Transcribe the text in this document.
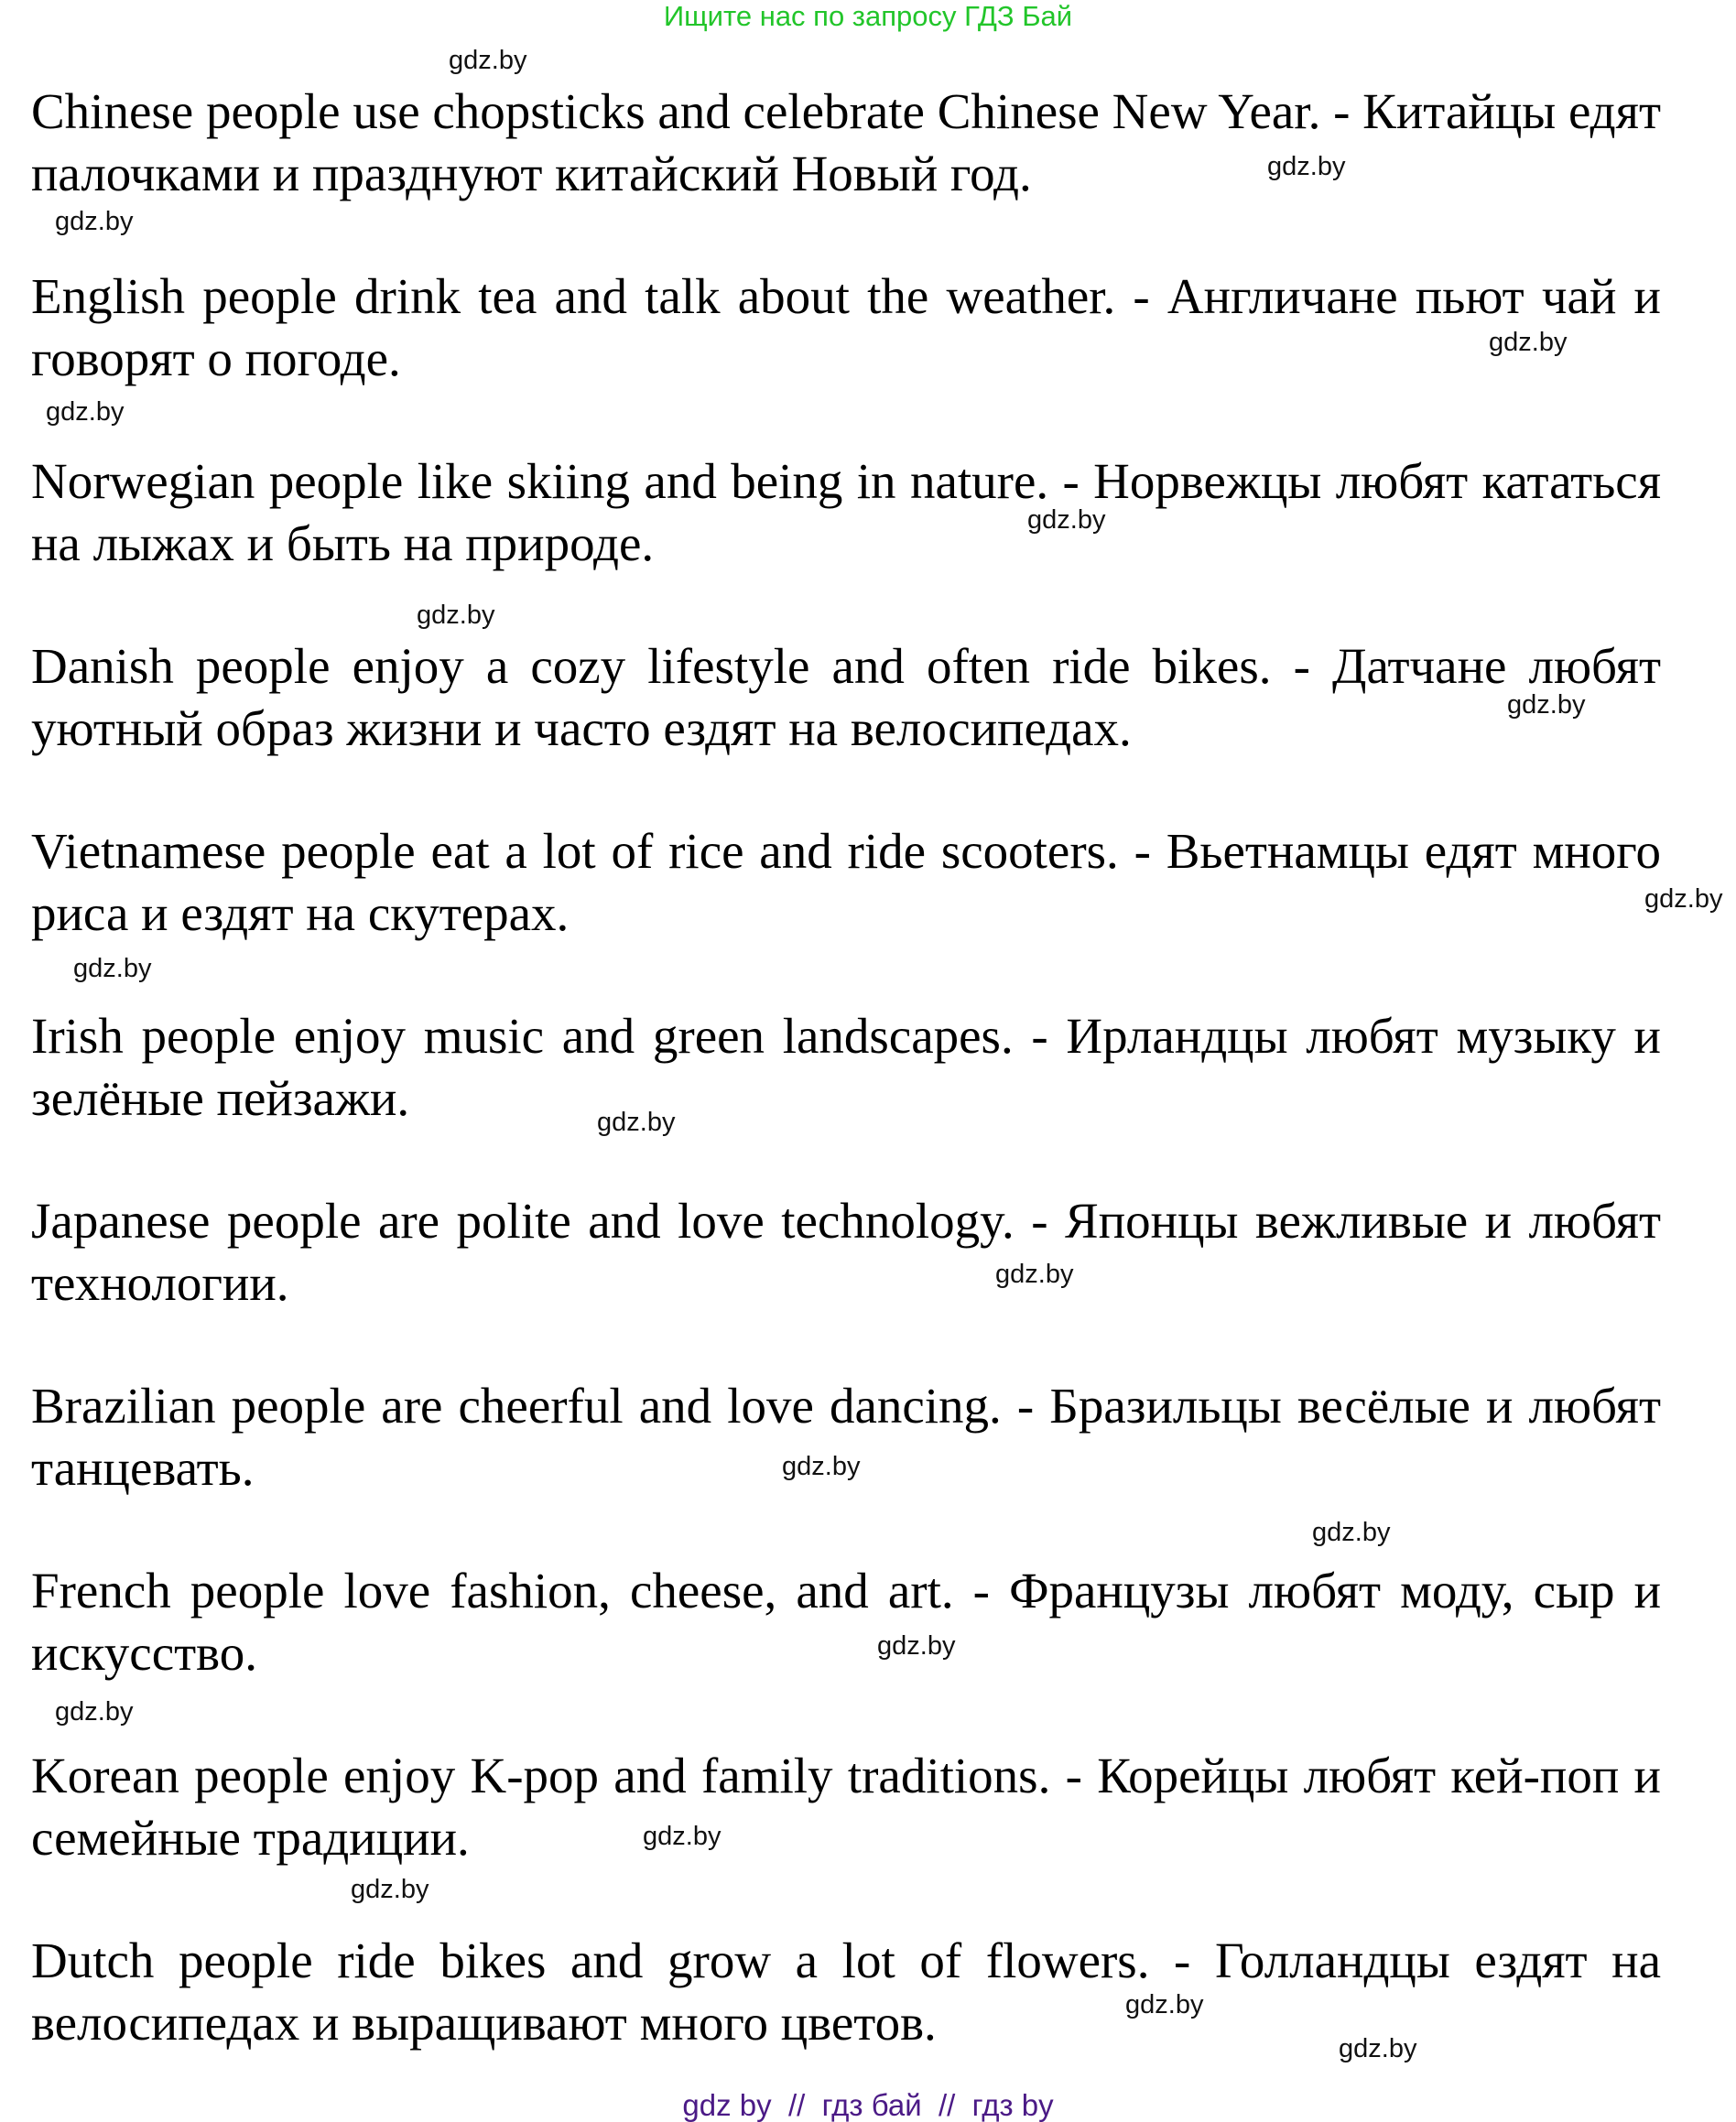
Ищите нас по запросу ГДЗ Бай
Chinese people use chopsticks and celebrate Chinese New Year. - Китайцы едят палочками и празднуют китайский Новый год.
English people drink tea and talk about the weather. - Англичане пьют чай и говорят о погоде.
Norwegian people like skiing and being in nature. - Норвежцы любят кататься на лыжах и быть на природе.
Danish people enjoy a cozy lifestyle and often ride bikes. - Датчане любят уютный образ жизни и часто ездят на велосипедах.
Vietnamese people eat a lot of rice and ride scooters. - Вьетнамцы едят много риса и ездят на скутерах.
Irish people enjoy music and green landscapes. - Ирландцы любят музыку и зелёные пейзажи.
Japanese people are polite and love technology. - Японцы вежливые и любят технологии.
Brazilian people are cheerful and love dancing. - Бразильцы весёлые и любят танцевать.
French people love fashion, cheese, and art. - Французы любят моду, сыр и искусство.
Korean people enjoy K-pop and family traditions. - Корейцы любят кей-поп и семейные традиции.
Dutch people ride bikes and grow a lot of flowers. - Голландцы ездят на велосипедах и выращивают много цветов.
gdz.by
gdz.by
gdz.by
gdz.by
gdz.by
gdz.by
gdz.by
gdz.by
gdz.by
gdz.by
gdz.by
gdz.by
gdz.by
gdz.by
gdz.by
gdz.by
gdz.by
gdz.by
gdz.by
gdz.by
gdz by  //  гдз бай  //  гдз by
